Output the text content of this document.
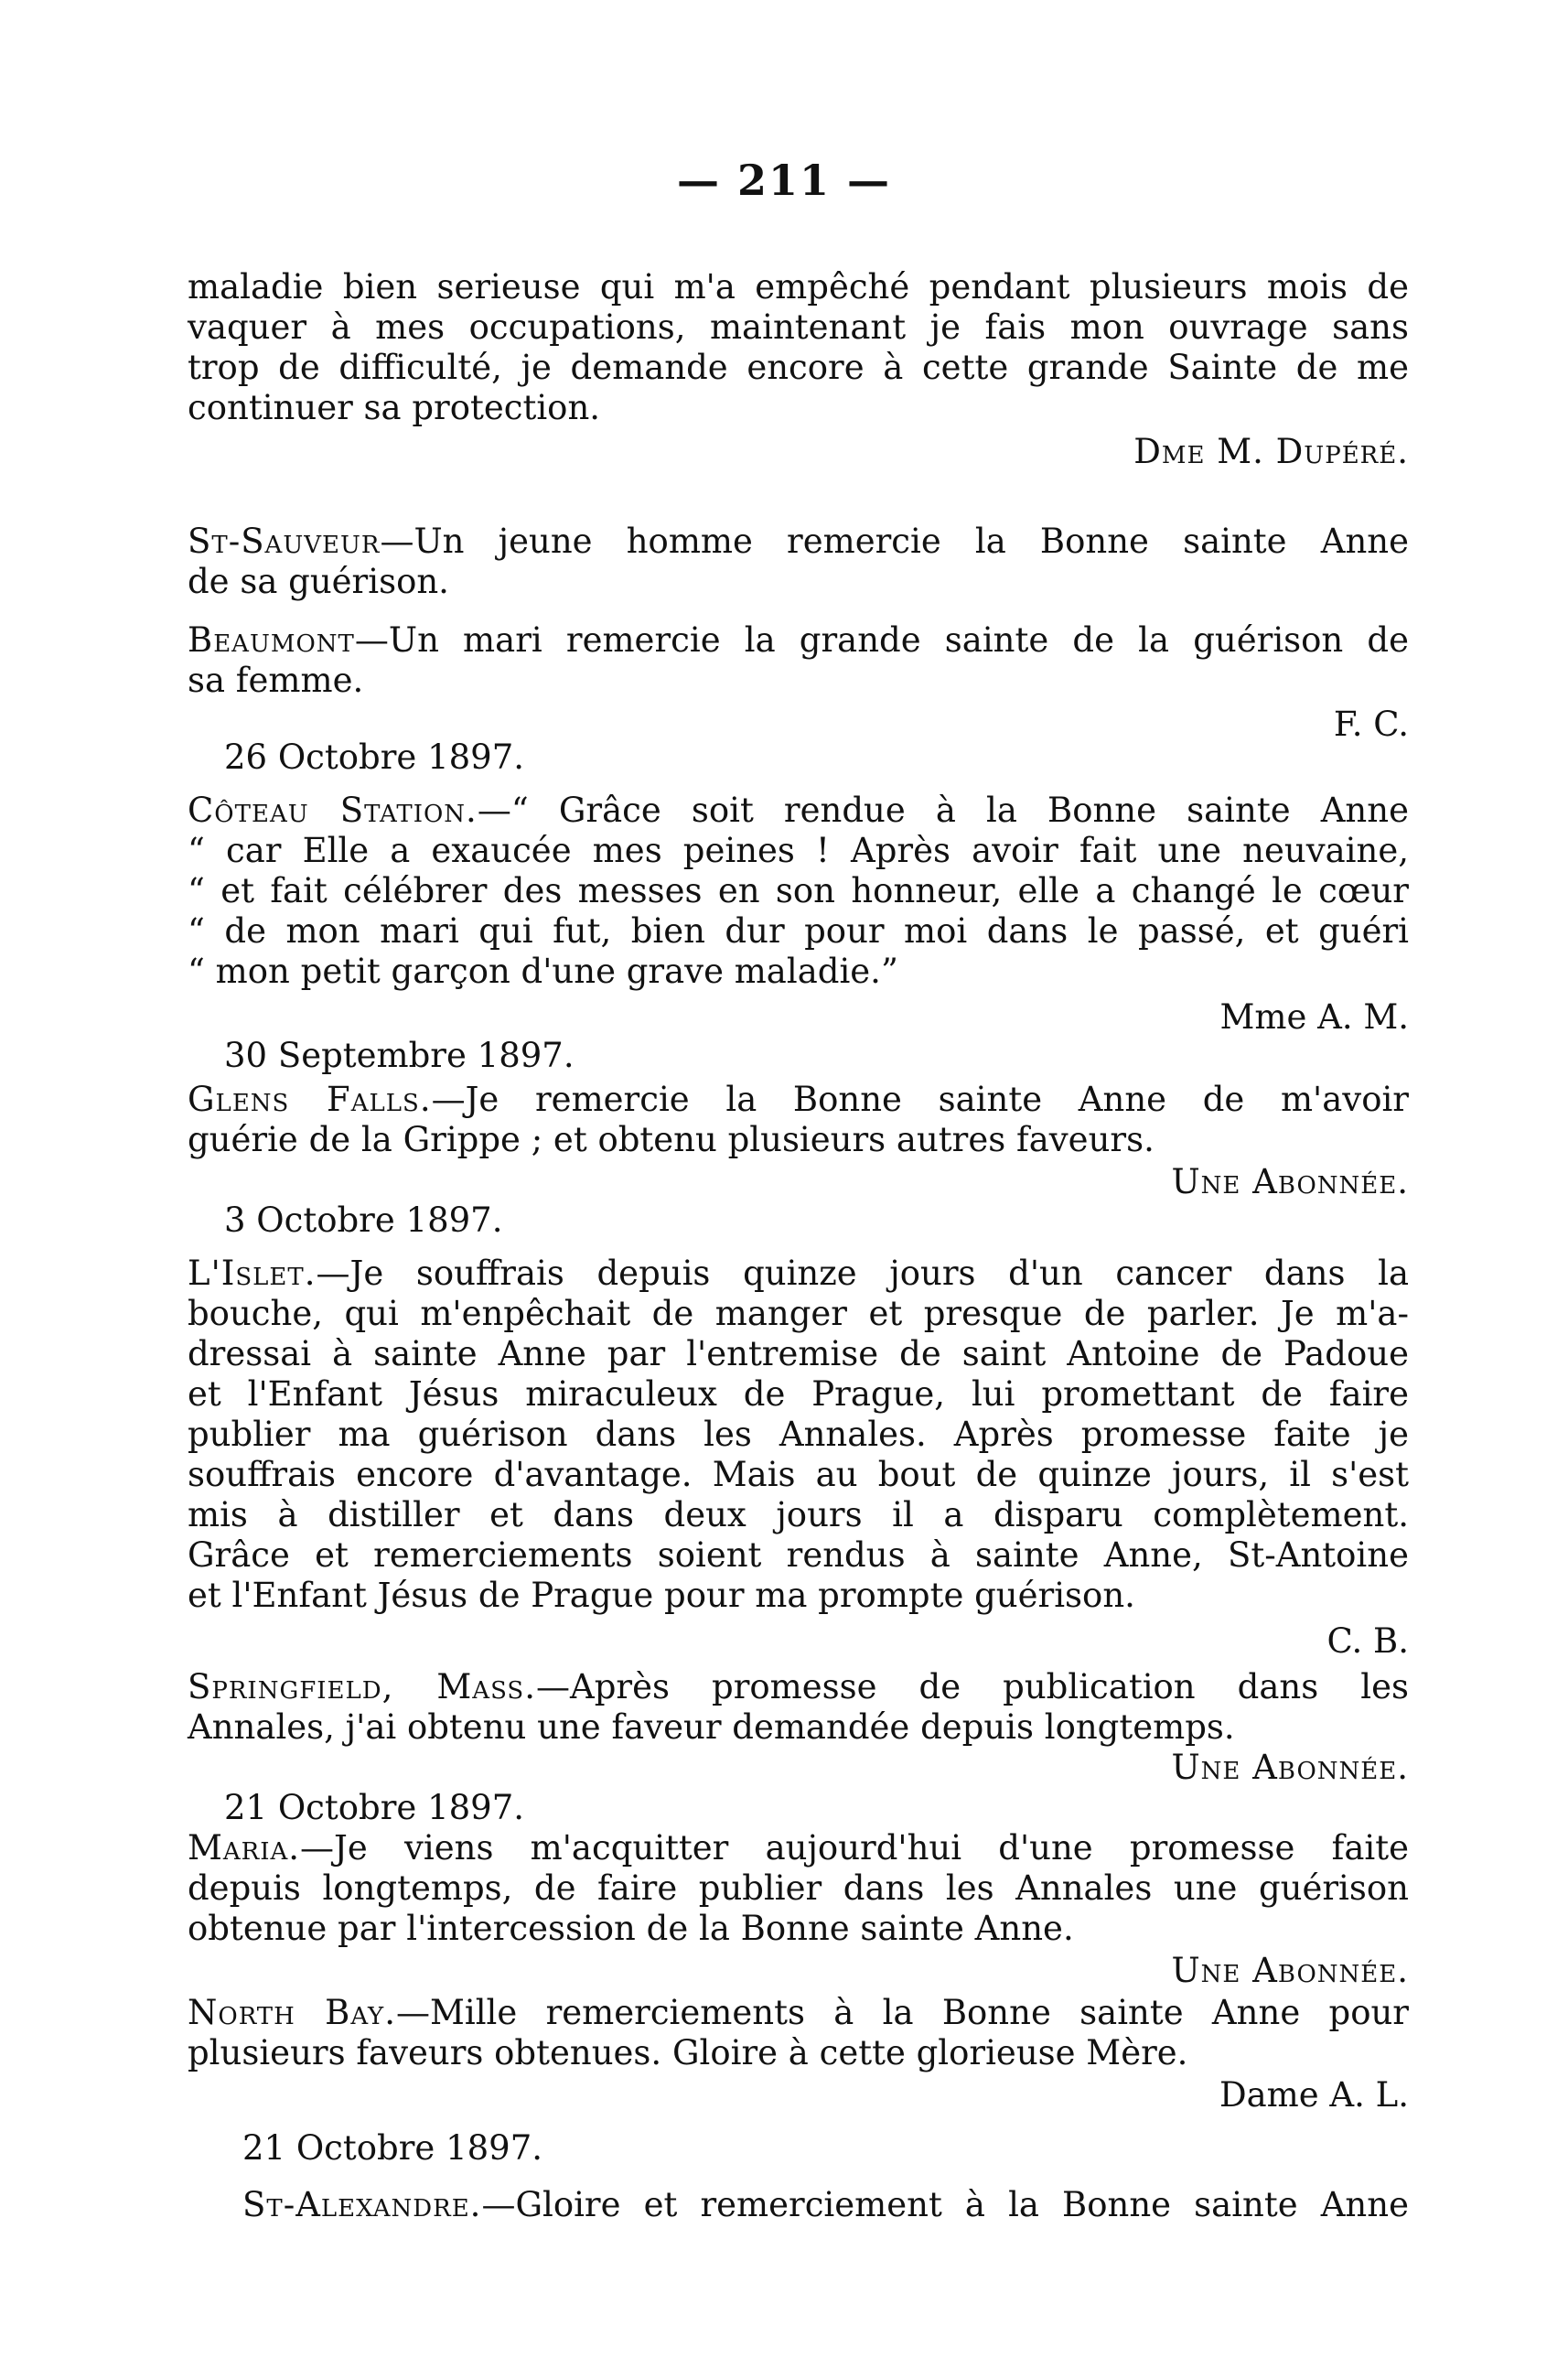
— 211 —
maladie bien serieuse qui m'a empêché pendant plusieurs mois de
vaquer à mes occupations, maintenant je fais mon ouvrage sans
trop de difficulté, je demande encore à cette grande Sainte de me
continuer sa protection.
Dme M. Dupéré.
St-Sauveur—Un jeune homme remercie la Bonne sainte Anne
de sa guérison.
Beaumont—Un mari remercie la grande sainte de la guérison de
sa femme.
F. C.
26 Octobre 1897.
Côteau Station.—“ Grâce soit rendue à la Bonne sainte Anne
“ car Elle a exaucée mes peines ! Après avoir fait une neuvaine,
“ et fait célébrer des messes en son honneur, elle a changé le cœur
“ de mon mari qui fut, bien dur pour moi dans le passé, et guéri
“ mon petit garçon d'une grave maladie.”
Mme A. M.
30 Septembre 1897.
Glens Falls.—Je remercie la Bonne sainte Anne de m'avoir
guérie de la Grippe ; et obtenu plusieurs autres faveurs.
Une Abonnée.
3 Octobre 1897.
L'Islet.—Je souffrais depuis quinze jours d'un cancer dans la
bouche, qui m'enpêchait de manger et presque de parler. Je m'a-
dressai à sainte Anne par l'entremise de saint Antoine de Padoue
et l'Enfant Jésus miraculeux de Prague, lui promettant de faire
publier ma guérison dans les Annales. Après promesse faite je
souffrais encore d'avantage. Mais au bout de quinze jours, il s'est
mis à distiller et dans deux jours il a disparu complètement.
Grâce et remerciements soient rendus à sainte Anne, St-Antoine
et l'Enfant Jésus de Prague pour ma prompte guérison.
C. B.
Springfield, Mass.—Après promesse de publication dans les
Annales, j'ai obtenu une faveur demandée depuis longtemps.
Une Abonnée.
21 Octobre 1897.
Maria.—Je viens m'acquitter aujourd'hui d'une promesse faite
depuis longtemps, de faire publier dans les Annales une guérison
obtenue par l'intercession de la Bonne sainte Anne.
Une Abonnée.
North Bay.—Mille remerciements à la Bonne sainte Anne pour
plusieurs faveurs obtenues. Gloire à cette glorieuse Mère.
Dame A. L.
21 Octobre 1897.
St-Alexandre.—Gloire et remerciement à la Bonne sainte Anne
